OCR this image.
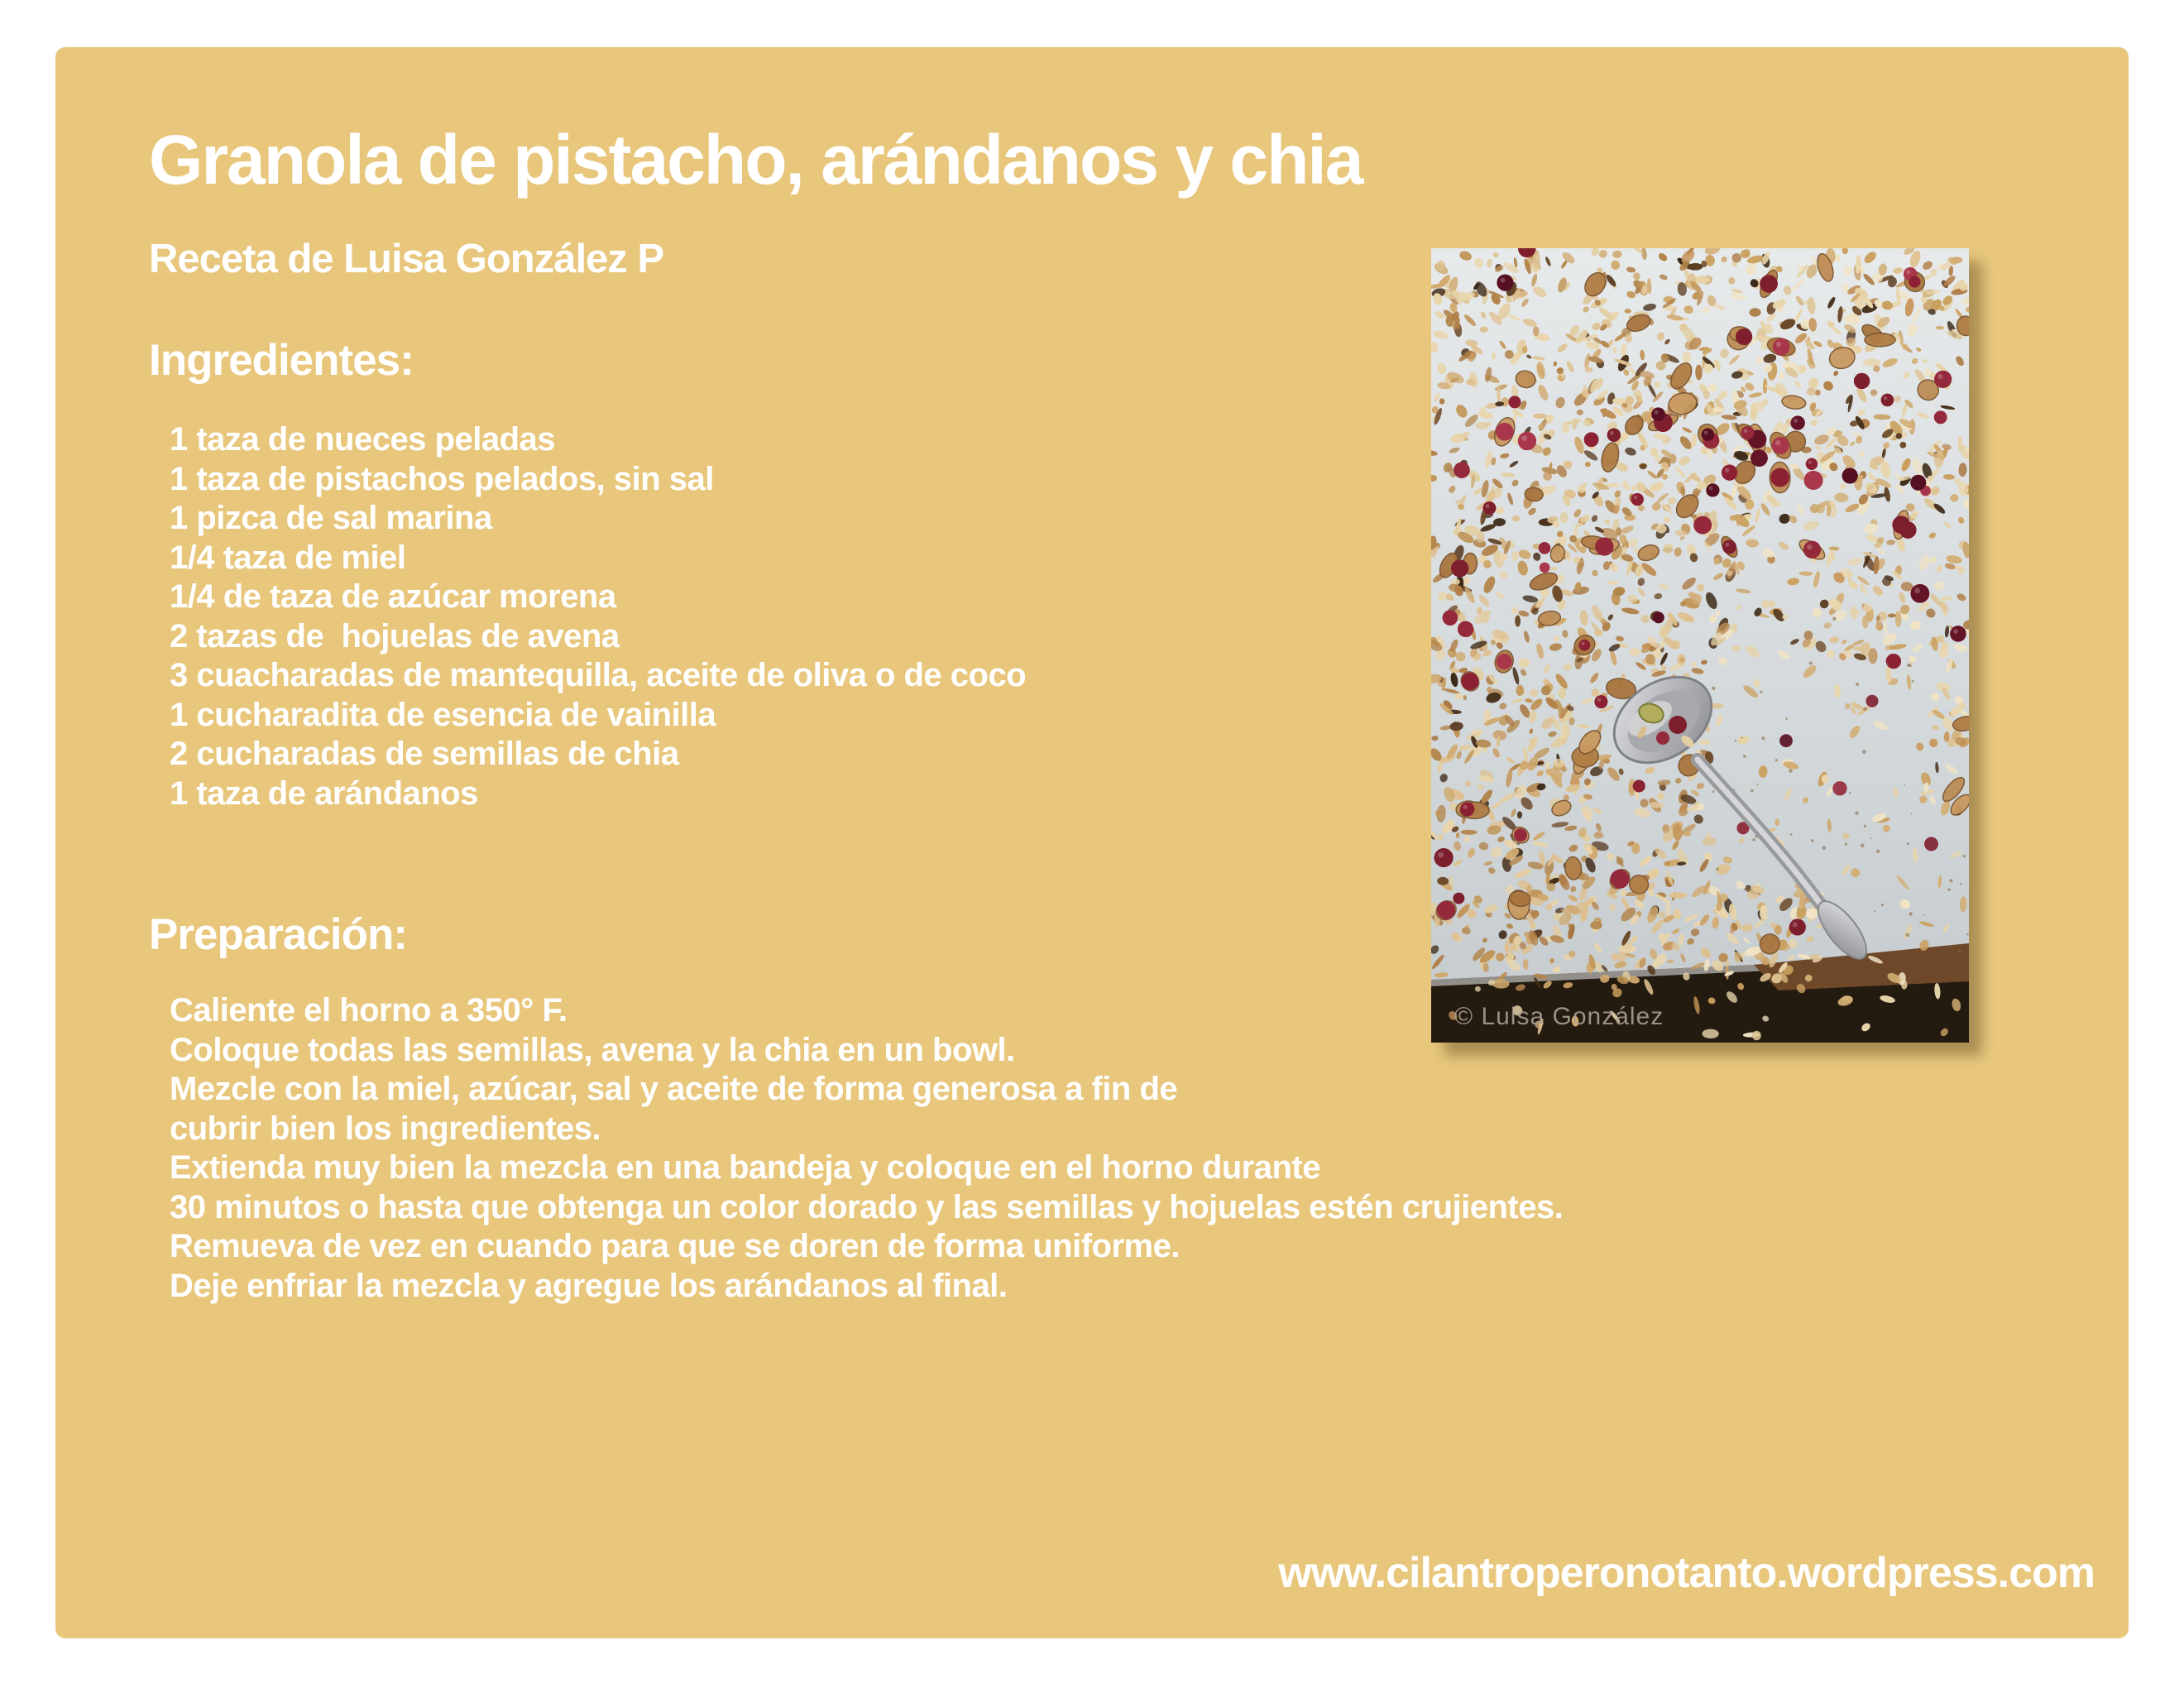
Granola de pistacho, arándanos y chia
Receta de Luisa González P
Ingredientes:
1 taza de nueces peladas
1 taza de pistachos pelados, sin sal
1 pizca de sal marina
1/4 taza de miel
1/4 de taza de azúcar morena
2 tazas de  hojuelas de avena
3 cuacharadas de mantequilla, aceite de oliva o de coco
1 cucharadita de esencia de vainilla
2 cucharadas de semillas de chia
1 taza de arándanos
Preparación:
Caliente el horno a 350° F.
Coloque todas las semillas, avena y la chia en un bowl.
Mezcle con la miel, azúcar, sal y aceite de forma generosa a fin de
cubrir bien los ingredientes.
Extienda muy bien la mezcla en una bandeja y coloque en el horno durante
30 minutos o hasta que obtenga un color dorado y las semillas y hojuelas estén crujientes.
Remueva de vez en cuando para que se doren de forma uniforme.
Deje enfriar la mezcla y agregue los arándanos al final.
www.cilantroperonotanto.wordpress.com
© Luisa González
